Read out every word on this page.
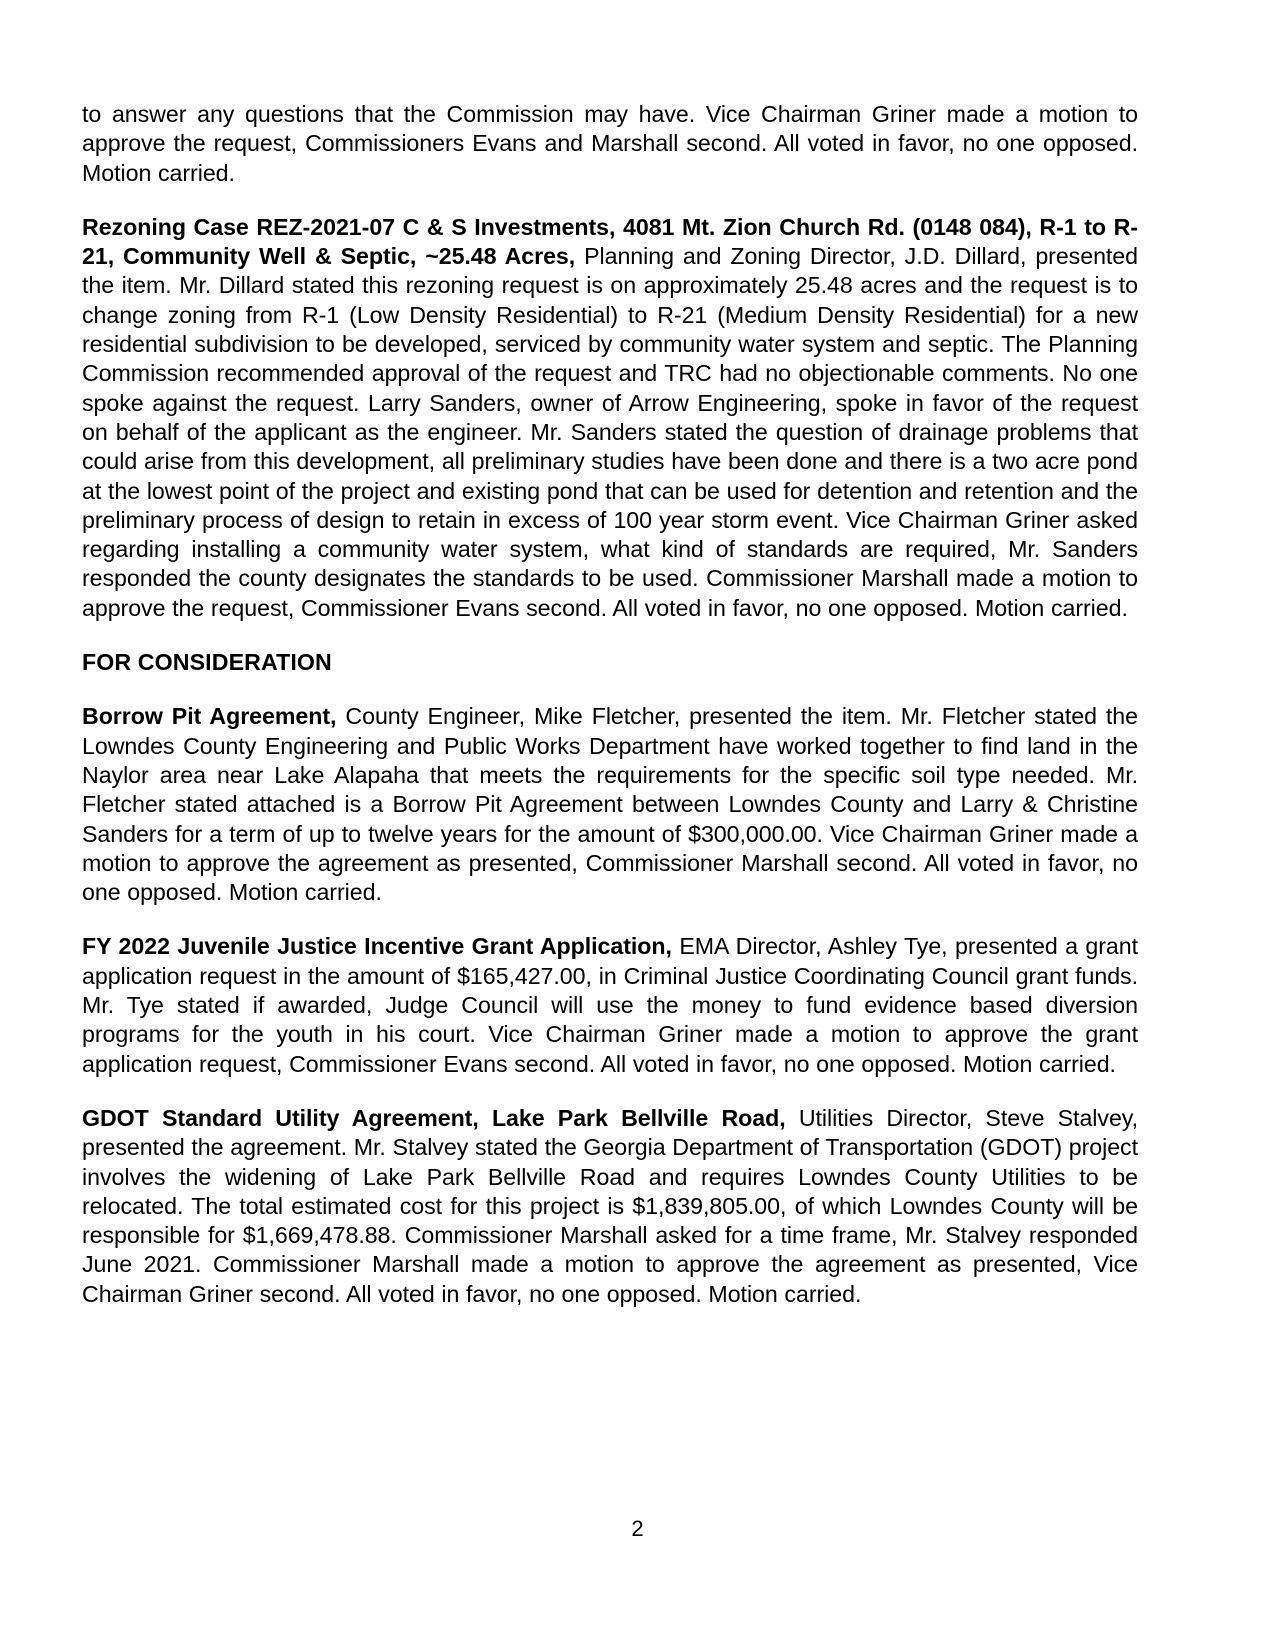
to answer any questions that the Commission may have. Vice Chairman Griner made a motion to approve the request, Commissioners Evans and Marshall second. All voted in favor, no one opposed. Motion carried.

Rezoning Case REZ-2021-07 C & S Investments, 4081 Mt. Zion Church Rd. (0148 084), R-1 to R-21, Community Well & Septic, ~25.48 Acres, Planning and Zoning Director, J.D. Dillard, presented the item. Mr. Dillard stated this rezoning request is on approximately 25.48 acres and the request is to change zoning from R-1 (Low Density Residential) to R-21 (Medium Density Residential) for a new residential subdivision to be developed, serviced by community water system and septic. The Planning Commission recommended approval of the request and TRC had no objectionable comments. No one spoke against the request. Larry Sanders, owner of Arrow Engineering, spoke in favor of the request on behalf of the applicant as the engineer. Mr. Sanders stated the question of drainage problems that could arise from this development, all preliminary studies have been done and there is a two acre pond at the lowest point of the project and existing pond that can be used for detention and retention and the preliminary process of design to retain in excess of 100 year storm event. Vice Chairman Griner asked regarding installing a community water system, what kind of standards are required, Mr. Sanders responded the county designates the standards to be used. Commissioner Marshall made a motion to approve the request, Commissioner Evans second. All voted in favor, no one opposed. Motion carried.

FOR CONSIDERATION

Borrow Pit Agreement, County Engineer, Mike Fletcher, presented the item. Mr. Fletcher stated the Lowndes County Engineering and Public Works Department have worked together to find land in the Naylor area near Lake Alapaha that meets the requirements for the specific soil type needed. Mr. Fletcher stated attached is a Borrow Pit Agreement between Lowndes County and Larry & Christine Sanders for a term of up to twelve years for the amount of $300,000.00. Vice Chairman Griner made a motion to approve the agreement as presented, Commissioner Marshall second. All voted in favor, no one opposed. Motion carried.

FY 2022 Juvenile Justice Incentive Grant Application, EMA Director, Ashley Tye, presented a grant application request in the amount of $165,427.00, in Criminal Justice Coordinating Council grant funds. Mr. Tye stated if awarded, Judge Council will use the money to fund evidence based diversion programs for the youth in his court. Vice Chairman Griner made a motion to approve the grant application request, Commissioner Evans second. All voted in favor, no one opposed. Motion carried.

GDOT Standard Utility Agreement, Lake Park Bellville Road, Utilities Director, Steve Stalvey, presented the agreement. Mr. Stalvey stated the Georgia Department of Transportation (GDOT) project involves the widening of Lake Park Bellville Road and requires Lowndes County Utilities to be relocated. The total estimated cost for this project is $1,839,805.00, of which Lowndes County will be responsible for $1,669,478.88. Commissioner Marshall asked for a time frame, Mr. Stalvey responded June 2021. Commissioner Marshall made a motion to approve the agreement as presented, Vice Chairman Griner second. All voted in favor, no one opposed. Motion carried.

2
